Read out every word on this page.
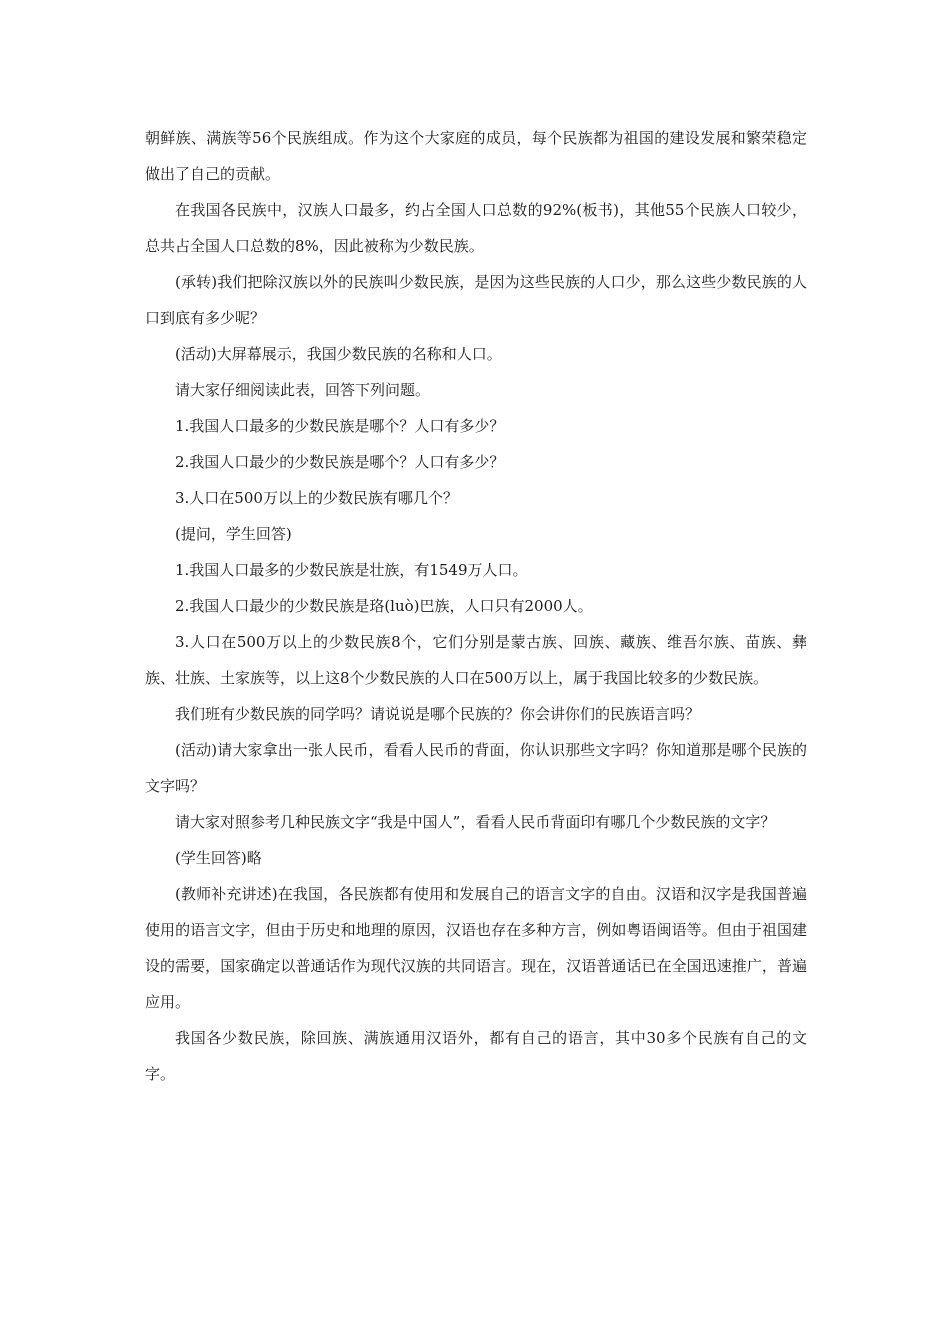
朝鲜族、满族等56个民族组成。作为这个大家庭的成员，每个民族都为祖国的建设发展和繁荣稳定做出了自己的贡献。

在我国各民族中，汉族人口最多，约占全国人口总数的92%(板书)，其他55个民族人口较少，总共占全国人口总数的8%，因此被称为少数民族。

(承转)我们把除汉族以外的民族叫少数民族，是因为这些民族的人口少，那么这些少数民族的人口到底有多少呢？

(活动)大屏幕展示，我国少数民族的名称和人口。

请大家仔细阅读此表，回答下列问题。

1.我国人口最多的少数民族是哪个？人口有多少？

2.我国人口最少的少数民族是哪个？人口有多少？

3.人口在500万以上的少数民族有哪几个？

(提问，学生回答)

1.我国人口最多的少数民族是壮族，有1549万人口。

2.我国人口最少的少数民族是珞(luò)巴族，人口只有2000人。

3.人口在500万以上的少数民族8个，它们分别是蒙古族、回族、藏族、维吾尔族、苗族、彝族、壮族、土家族等，以上这8个少数民族的人口在500万以上，属于我国比较多的少数民族。

我们班有少数民族的同学吗？请说说是哪个民族的？你会讲你们的民族语言吗？

(活动)请大家拿出一张人民币，看看人民币的背面，你认识那些文字吗？你知道那是哪个民族的文字吗？

请大家对照参考几种民族文字“我是中国人”，看看人民币背面印有哪几个少数民族的文字？

(学生回答)略

(教师补充讲述)在我国，各民族都有使用和发展自己的语言文字的自由。汉语和汉字是我国普遍使用的语言文字，但由于历史和地理的原因，汉语也存在多种方言，例如粤语闽语等。但由于祖国建设的需要，国家确定以普通话作为现代汉族的共同语言。现在，汉语普通话已在全国迅速推广，普遍应用。

我国各少数民族，除回族、满族通用汉语外，都有自己的语言，其中30多个民族有自己的文字。
